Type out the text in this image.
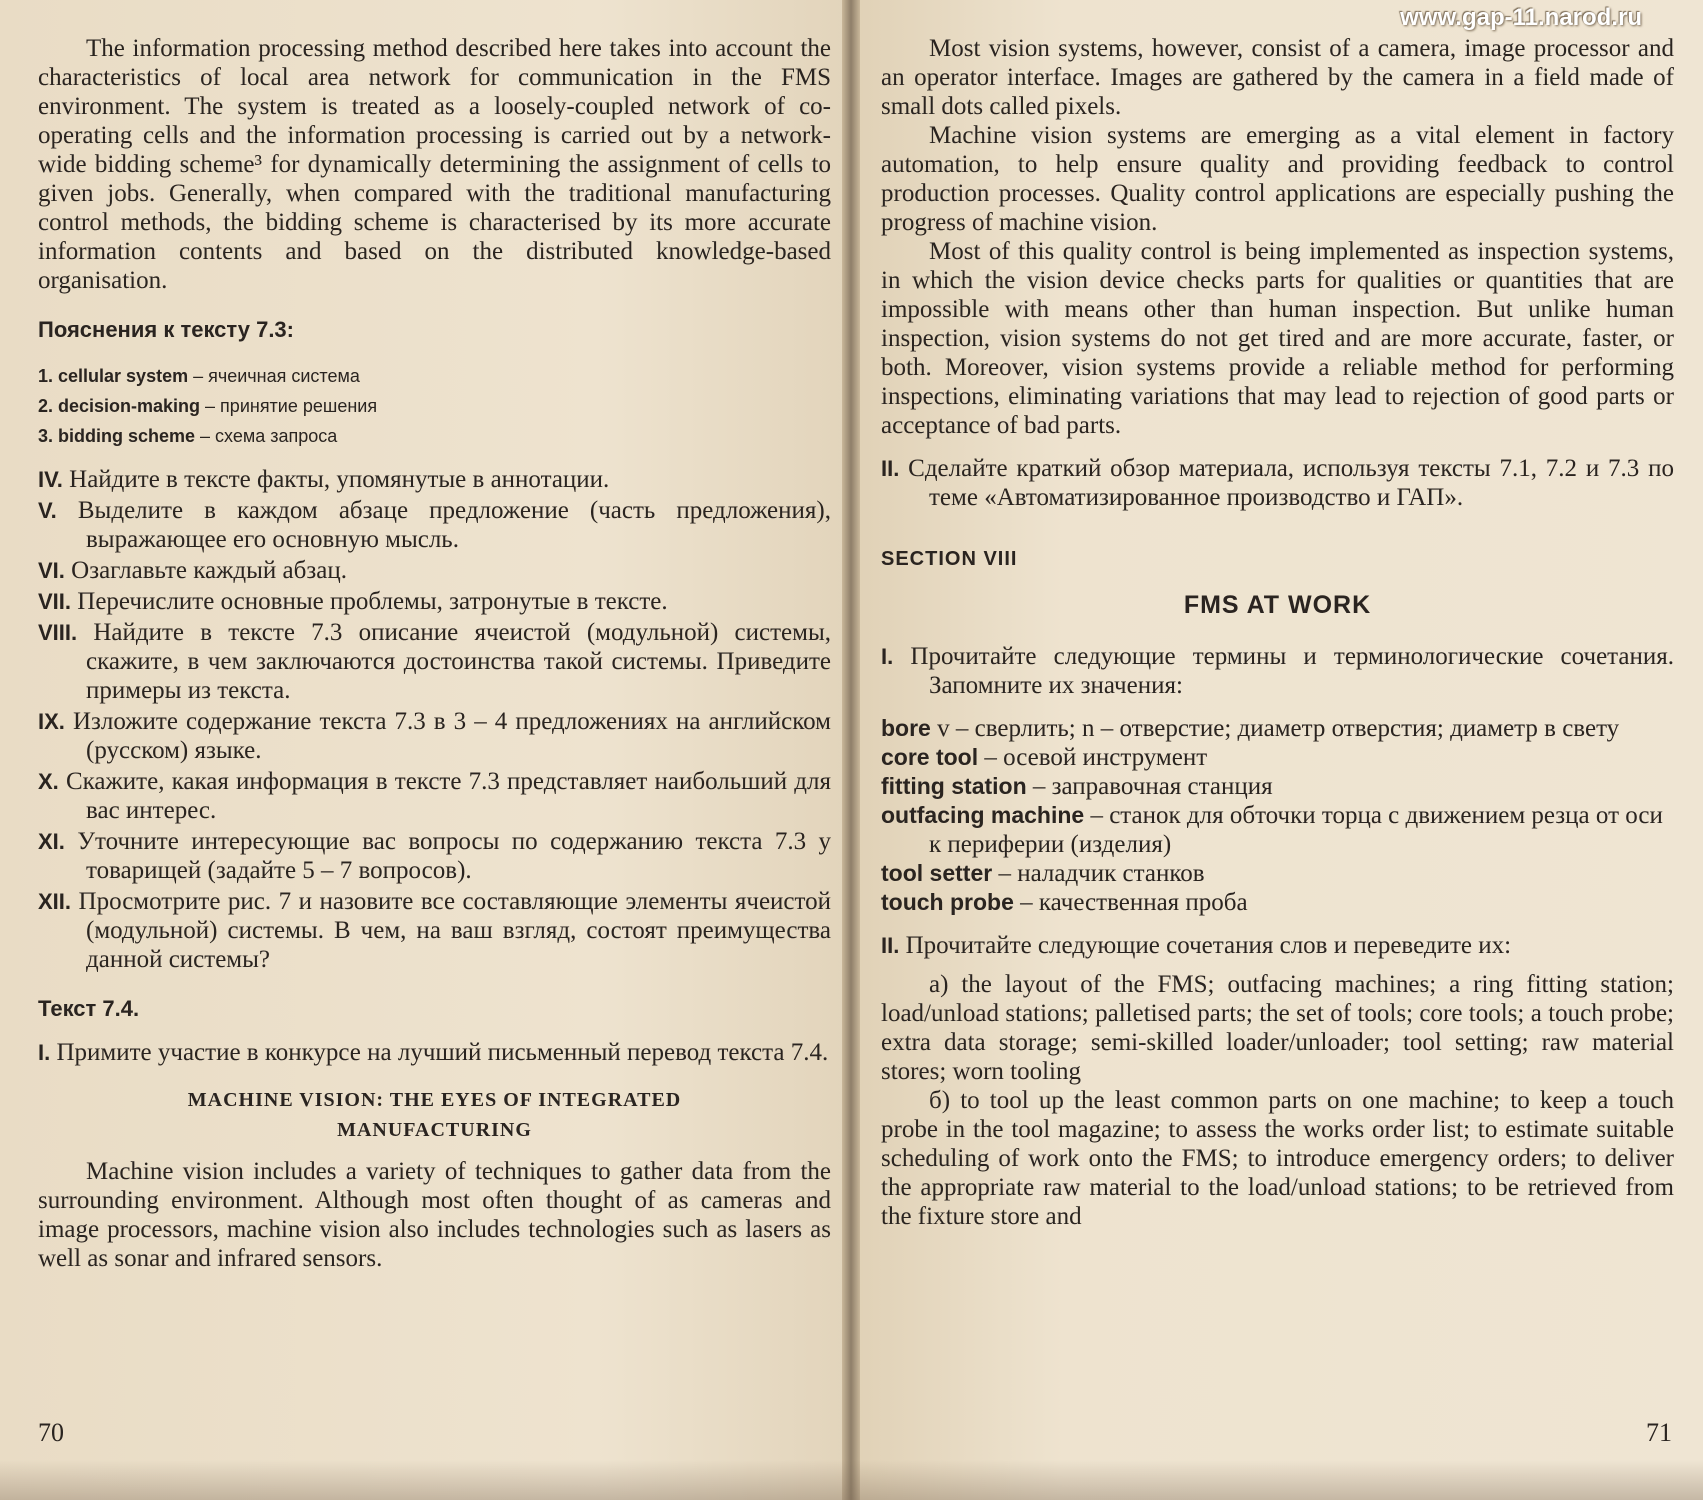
The information processing method described here takes into account the characteristics of local area network for communication in the FMS environment. The system is treated as a loosely-coupled network of co-operating cells and the information processing is carried out by a network-wide bidding scheme³ for dynamically determining the assignment of cells to given jobs. Generally, when compared with the traditional manufacturing control methods, the bidding scheme is characterised by its more accurate information contents and based on the distributed knowledge-based organisation.

Пояснения к тексту 7.3:

1. cellular system – ячеичная система
2. decision-making – принятие решения
3. bidding scheme – схема запроса

IV. Найдите в тексте факты, упомянутые в аннотации.

V. Выделите в каждом абзаце предложение (часть предложения), выражающее его основную мысль.

VI. Озаглавьте каждый абзац.

VII. Перечислите основные проблемы, затронутые в тексте.

VIII. Найдите в тексте 7.3 описание ячеистой (модульной) системы, скажите, в чем заключаются достоинства такой системы. Приведите примеры из текста.

IX. Изложите содержание текста 7.3 в 3 – 4 предложениях на английском (русском) языке.

X. Скажите, какая информация в тексте 7.3 представляет наибольший для вас интерес.

XI. Уточните интересующие вас вопросы по содержанию текста 7.3 у товарищей (задайте 5 – 7 вопросов).

XII. Просмотрите рис. 7 и назовите все составляющие элементы ячеистой (модульной) системы. В чем, на ваш взгляд, состоят преимущества данной системы?

Текст 7.4.

I. Примите участие в конкурсе на лучший письменный перевод текста 7.4.

MACHINE VISION: THE EYES OF INTEGRATED
MANUFACTURING

Machine vision includes a variety of techniques to gather data from the surrounding environment. Although most often thought of as cameras and image processors, machine vision also includes technologies such as lasers as well as sonar and infrared sensors.

70
www.gap-11.narod.ru

Most vision systems, however, consist of a camera, image processor and an operator interface. Images are gathered by the camera in a field made of small dots called pixels.

Machine vision systems are emerging as a vital element in factory automation, to help ensure quality and providing feedback to control production processes. Quality control applications are especially pushing the progress of machine vision.

Most of this quality control is being implemented as inspection systems, in which the vision device checks parts for qualities or quantities that are impossible with means other than human inspection. But unlike human inspection, vision systems do not get tired and are more accurate, faster, or both. Moreover, vision systems provide a reliable method for performing inspections, eliminating variations that may lead to rejection of good parts or acceptance of bad parts.

II. Сделайте краткий обзор материала, используя тексты 7.1, 7.2 и 7.3 по теме «Автоматизированное производство и ГАП».

SECTION VIII

FMS AT WORK

I. Прочитайте следующие термины и терминологические сочетания. Запомните их значения:

bore v – сверлить; n – отверстие; диаметр отверстия; диаметр в свету

core tool – осевой инструмент

fitting station – заправочная станция

outfacing machine – станок для обточки торца с движением резца от оси к периферии (изделия)

tool setter – наладчик станков

touch probe – качественная проба

II. Прочитайте следующие сочетания слов и переведите их:

а) the layout of the FMS; outfacing machines; a ring fitting station; load/unload stations; palletised parts; the set of tools; core tools; a touch probe; extra data storage; semi-skilled loader/unloader; tool setting; raw material stores; worn tooling

б) to tool up the least common parts on one machine; to keep a touch probe in the tool magazine; to assess the works order list; to estimate suitable scheduling of work onto the FMS; to introduce emergency orders; to deliver the appropriate raw material to the load/unload stations; to be retrieved from the fixture store and

71
